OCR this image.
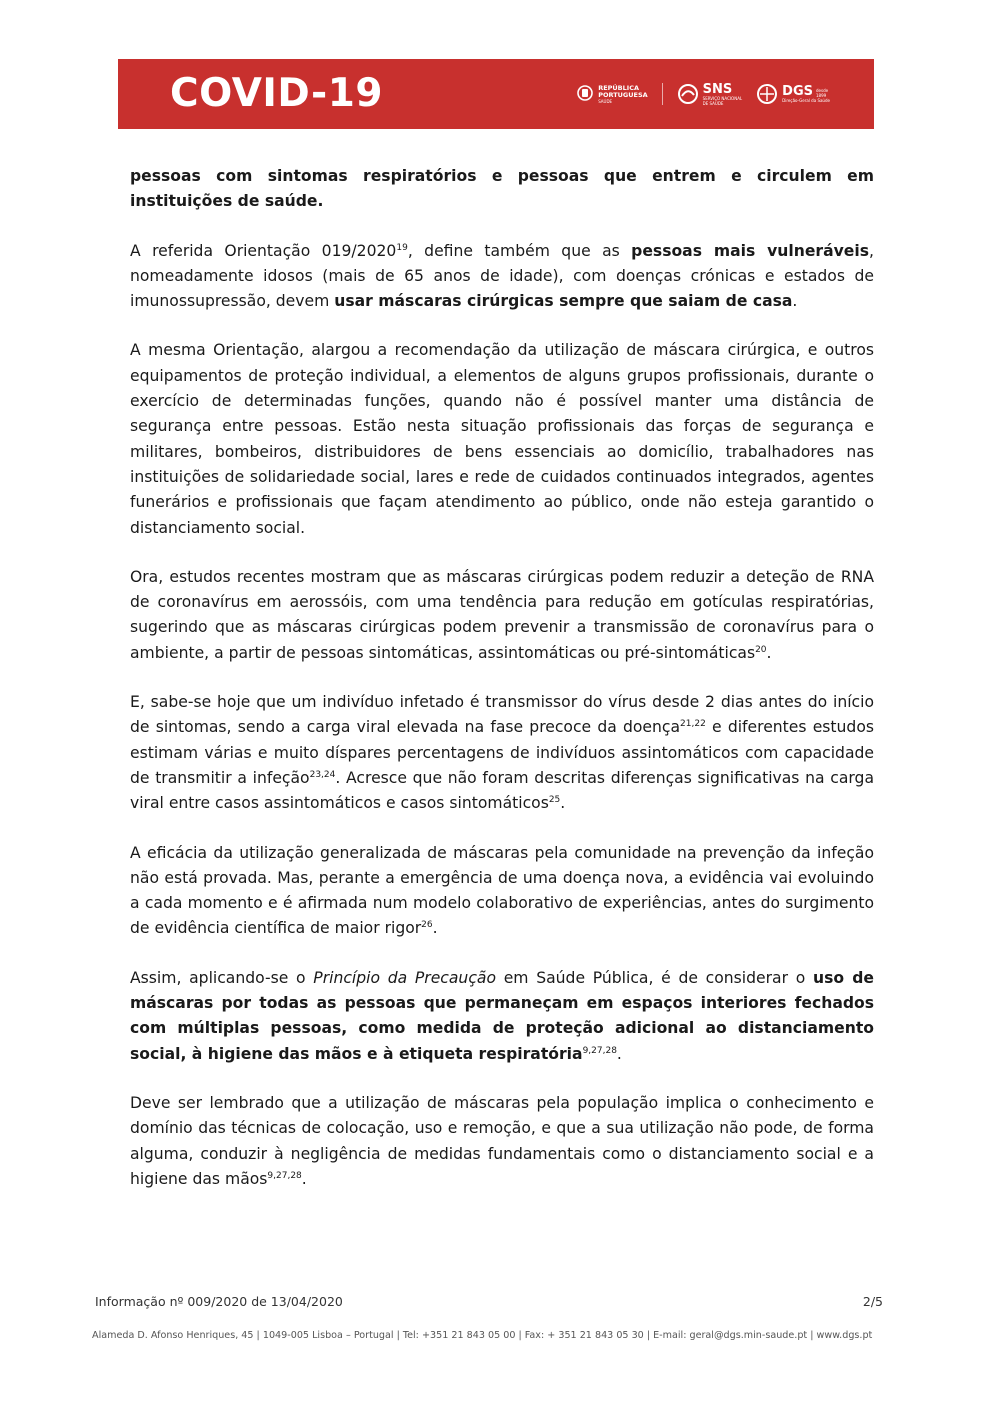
COVID-19	REPÚBLICA
PORTUGUESA
SAÚDE
SNS
SERVIÇO NACIONAL
DE SAÚDE
DGS desde 1899
Direção-Geral da Saúde

pessoas com sintomas respiratórios e pessoas que entrem e circulem em instituições de saúde.

A referida Orientação 019/2020$^{19}$, define também que as pessoas mais vulneráveis, nomeadamente idosos (mais de 65 anos de idade), com doenças crónicas e estados de imunossupressão, devem usar máscaras cirúrgicas sempre que saiam de casa.

A mesma Orientação, alargou a recomendação da utilização de máscara cirúrgica, e outros equipamentos de proteção individual, a elementos de alguns grupos profissionais, durante o exercício de determinadas funções, quando não é possível manter uma distância de segurança entre pessoas. Estão nesta situação profissionais das forças de segurança e militares, bombeiros, distribuidores de bens essenciais ao domicílio, trabalhadores nas instituições de solidariedade social, lares e rede de cuidados continuados integrados, agentes funerários e profissionais que façam atendimento ao público, onde não esteja garantido o distanciamento social.

Ora, estudos recentes mostram que as máscaras cirúrgicas podem reduzir a deteção de RNA de coronavírus em aerossóis, com uma tendência para redução em gotículas respiratórias, sugerindo que as máscaras cirúrgicas podem prevenir a transmissão de coronavírus para o ambiente, a partir de pessoas sintomáticas, assintomáticas ou pré-sintomáticas$^{20}$.

E, sabe-se hoje que um indivíduo infetado é transmissor do vírus desde 2 dias antes do início de sintomas, sendo a carga viral elevada na fase precoce da doença$^{21,22}$ e diferentes estudos estimam várias e muito díspares percentagens de indivíduos assintomáticos com capacidade de transmitir a infeção$^{23,24}$. Acresce que não foram descritas diferenças significativas na carga viral entre casos assintomáticos e casos sintomáticos$^{25}$.

A eficácia da utilização generalizada de máscaras pela comunidade na prevenção da infeção não está provada. Mas, perante a emergência de uma doença nova, a evidência vai evoluindo a cada momento e é afirmada num modelo colaborativo de experiências, antes do surgimento de evidência científica de maior rigor$^{26}$.

Assim, aplicando-se o Princípio da Precaução em Saúde Pública, é de considerar o uso de máscaras por todas as pessoas que permaneçam em espaços interiores fechados com múltiplas pessoas, como medida de proteção adicional ao distanciamento social, à higiene das mãos e à etiqueta respiratória$^{9,27,28}$.

Deve ser lembrado que a utilização de máscaras pela população implica o conhecimento e domínio das técnicas de colocação, uso e remoção, e que a sua utilização não pode, de forma alguma, conduzir à negligência de medidas fundamentais como o distanciamento social e a higiene das mãos$^{9,27,28}$.

Informação nº 009/2020 de 13/04/2020	2/5
Alameda D. Afonso Henriques, 45 | 1049-005 Lisboa – Portugal | Tel: +351 21 843 05 00 | Fax: + 351 21 843 05 30 | E-mail: geral@dgs.min-saude.pt | www.dgs.pt
